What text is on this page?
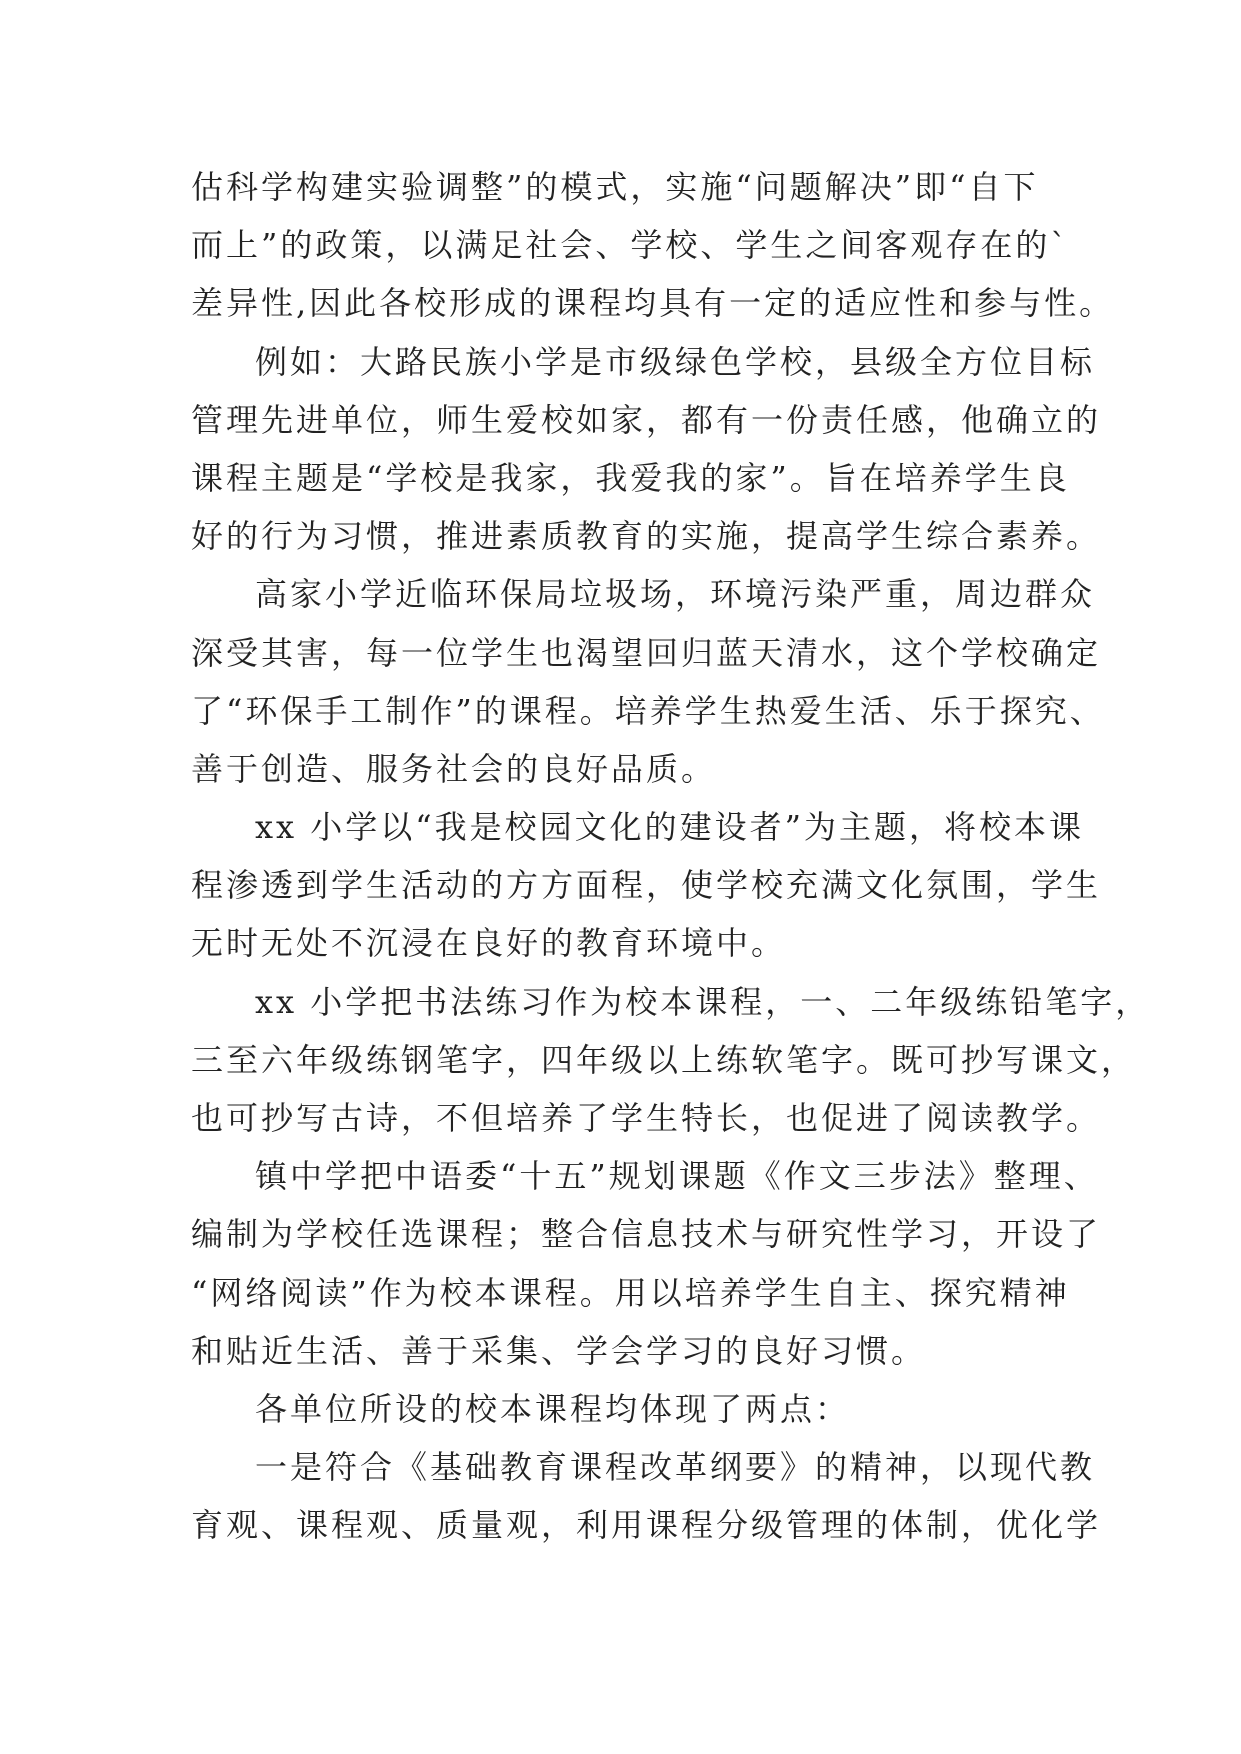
估科学构建实验调整”的模式，实施“问题解决”即“自下
而上”的政策，以满足社会、学校、学生之间客观存在的`
差异性,因此各校形成的课程均具有一定的适应性和参与性。
例如：大路民族小学是市级绿色学校，县级全方位目标
管理先进单位，师生爱校如家，都有一份责任感，他确立的
课程主题是“学校是我家，我爱我的家”。旨在培养学生良
好的行为习惯，推进素质教育的实施，提高学生综合素养。
高家小学近临环保局垃圾场，环境污染严重，周边群众
深受其害，每一位学生也渴望回归蓝天清水，这个学校确定
了“环保手工制作”的课程。培养学生热爱生活、乐于探究、
善于创造、服务社会的良好品质。
xx 小学以“我是校园文化的建设者”为主题，将校本课
程渗透到学生活动的方方面程，使学校充满文化氛围，学生
无时无处不沉浸在良好的教育环境中。
xx 小学把书法练习作为校本课程，一、二年级练铅笔字，
三至六年级练钢笔字，四年级以上练软笔字。既可抄写课文，
也可抄写古诗，不但培养了学生特长，也促进了阅读教学。
镇中学把中语委“十五”规划课题《作文三步法》整理、
编制为学校任选课程；整合信息技术与研究性学习，开设了
“网络阅读”作为校本课程。用以培养学生自主、探究精神
和贴近生活、善于采集、学会学习的良好习惯。
各单位所设的校本课程均体现了两点：
一是符合《基础教育课程改革纲要》的精神，以现代教
育观、课程观、质量观，利用课程分级管理的体制，优化学
